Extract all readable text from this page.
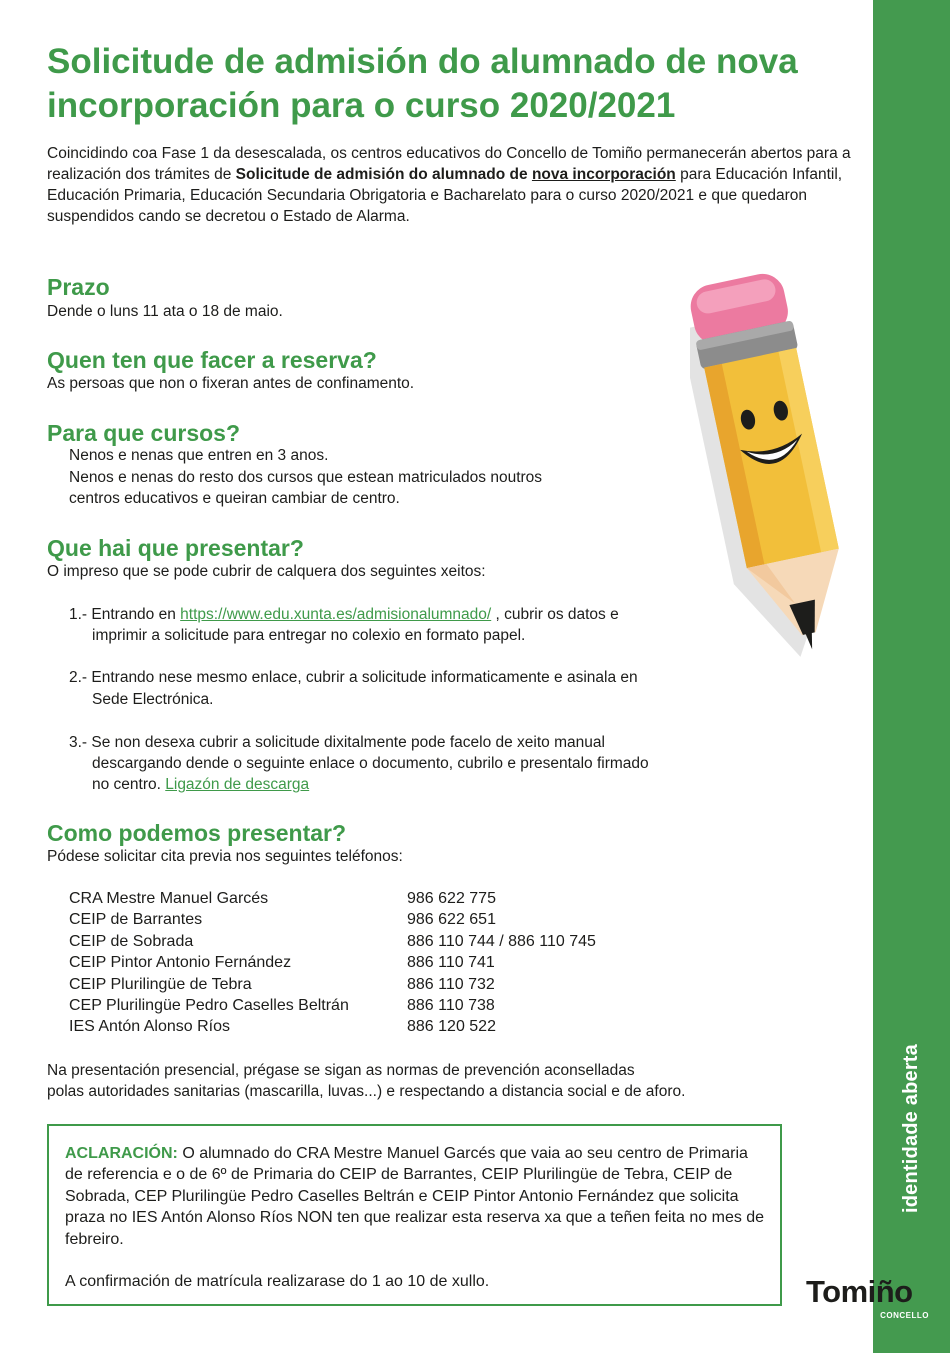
identidade aberta
Solicitude de admisión do alumnado de nova incorporación para o curso 2020/2021

Coincidindo coa Fase 1 da desescalada, os centros educativos do Concello de Tomiño permanecerán abertos para a realización dos trámites de Solicitude de admisión do alumnado de nova incorporación para Educación Infantil, Educación Primaria, Educación Secundaria Obrigatoria e Bacharelato para o curso 2020/2021 e que quedaron suspendidos cando se decretou o Estado de Alarma.

Prazo

Dende o luns 11 ata o 18 de maio.

Quen ten que facer a reserva?

As persoas que non o fixeran antes de confinamento.

Para que cursos?

Nenos e nenas que entren en 3 anos.

Nenos e nenas do resto dos cursos que estean matriculados noutros

centros educativos e queiran cambiar de centro.

Que hai que presentar?

O impreso que se pode cubrir de calquera dos seguintes xeitos:

1.- Entrando en https://www.edu.xunta.es/admisionalumnado/ , cubrir os datos e

imprimir a solicitude para entregar no colexio en formato papel.

2.- Entrando nese mesmo enlace, cubrir a solicitude informaticamente e asinala en

Sede Electrónica.

3.- Se non desexa cubrir a solicitude dixitalmente pode facelo de xeito manual

descargando dende o seguinte enlace o documento, cubrilo e presentalo firmado

no centro. Ligazón de descarga

Como podemos presentar?

Pódese solicitar cita previa nos seguintes teléfonos:

CRA Mestre Manuel Garcés	986 622 775
CEIP de Barrantes	986 622 651
CEIP de Sobrada	886 110 744 / 886 110 745
CEIP Pintor Antonio Fernández	886 110 741
CEIP Plurilingüe de Tebra	886 110 732
CEP Plurilingüe Pedro Caselles Beltrán	886 110 738
IES Antón Alonso Ríos	886 120 522

Na presentación presencial, prégase se sigan as normas de prevención aconselladas

polas autoridades sanitarias (mascarilla, luvas...) e respectando a distancia social e de aforo.

ACLARACIÓN: O alumnado do CRA Mestre Manuel Garcés que vaia ao seu centro de Primaria de referencia e o de 6º de Primaria do CEIP de Barrantes, CEIP Plurilingüe de Tebra, CEIP de Sobrada, CEP Plurilingüe Pedro Caselles Beltrán e CEIP Pintor Antonio Fernández que solicita praza no IES Antón Alonso Ríos NON ten que realizar esta reserva xa que a teñen feita no mes de febreiro.
A confirmación de matrícula realizarase do 1 ao 10 de xullo.	Tomiño
CONCELLO
